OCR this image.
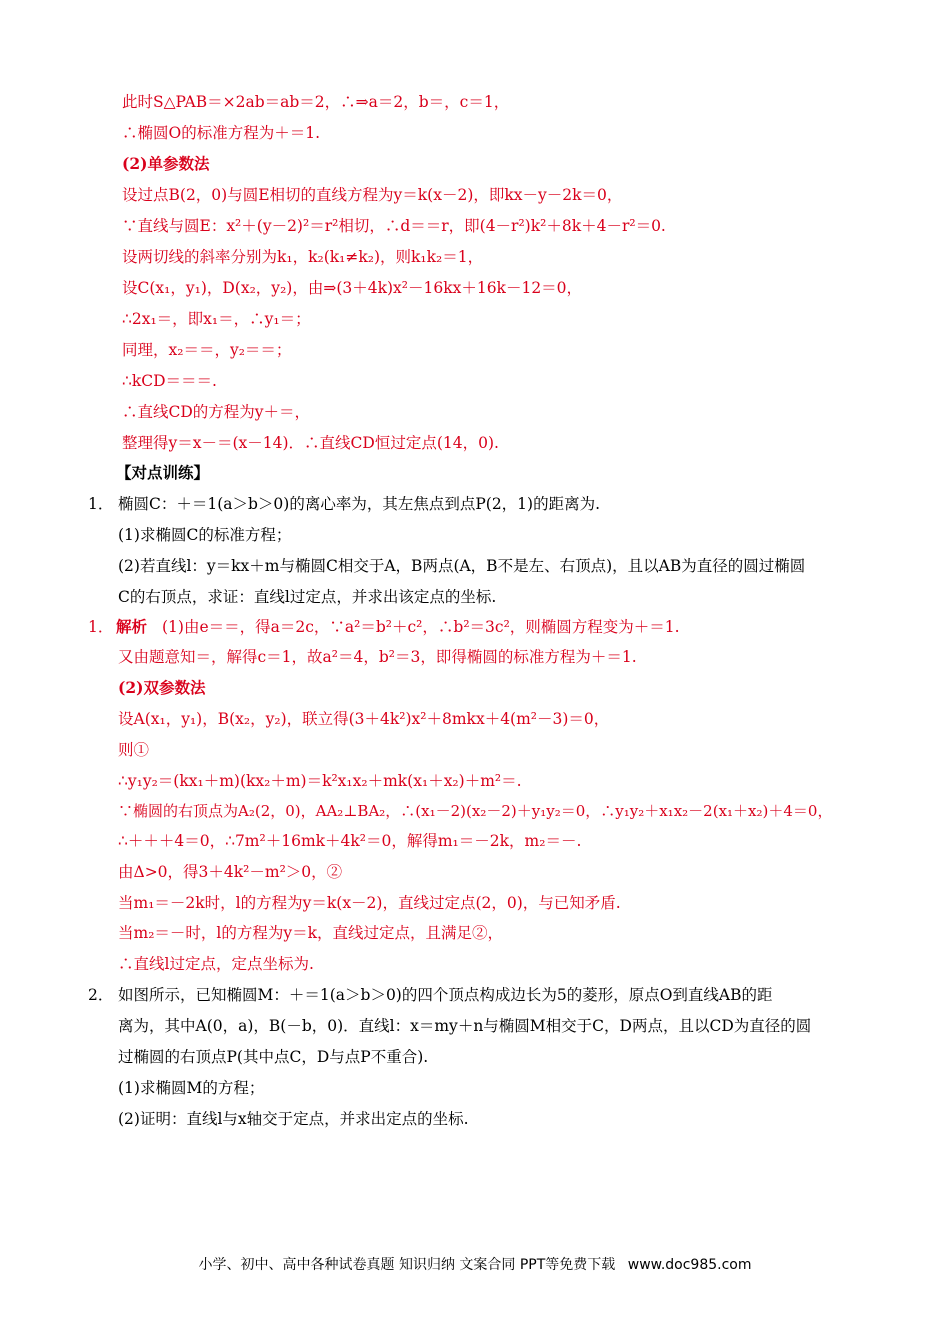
此时S△PAB＝×2ab＝ab＝2，∴⇒a＝2，b＝，c＝1，
∴椭圆O的标准方程为＋＝1.
(2)单参数法
设过点B(2，0)与圆E相切的直线方程为y＝k(x－2)，即kx－y－2k＝0，
∵直线与圆E：x²＋(y－2)²＝r²相切，∴d＝＝r，即(4－r²)k²＋8k＋4－r²＝0.
设两切线的斜率分别为k₁，k₂(k₁≠k₂)，则k₁k₂＝1，
设C(x₁，y₁)，D(x₂，y₂)，由⇒(3＋4k)x²－16kx＋16k－12＝0，
∴2x₁＝，即x₁＝，∴y₁＝；
同理，x₂＝＝，y₂＝＝；
∴kCD＝＝＝.
∴直线CD的方程为y＋＝，
整理得y＝x－＝(x－14)．∴直线CD恒过定点(14，0).
【对点训练】
1． 椭圆C：＋＝1(a＞b＞0)的离心率为，其左焦点到点P(2，1)的距离为.
(1)求椭圆C的标准方程；
(2)若直线l：y＝kx＋m与椭圆C相交于A，B两点(A，B不是左、右顶点)，且以AB为直径的圆过椭圆
C的右顶点，求证：直线l过定点，并求出该定点的坐标.
1． 解析 (1)由e＝＝，得a＝2c，∵a²＝b²＋c²，∴b²＝3c²，则椭圆方程变为＋＝1.
又由题意知＝，解得c＝1，故a²＝4，b²＝3，即得椭圆的标准方程为＋＝1.
(2)双参数法
设A(x₁，y₁)，B(x₂，y₂)，联立得(3＋4k²)x²＋8mkx＋4(m²－3)＝0，
则①
∴y₁y₂＝(kx₁＋m)(kx₂＋m)＝k²x₁x₂＋mk(x₁＋x₂)＋m²＝.
∵椭圆的右顶点为A₂(2，0)，AA₂⊥BA₂，∴(x₁－2)(x₂－2)＋y₁y₂＝0，∴y₁y₂＋x₁x₂－2(x₁＋x₂)＋4＝0，
∴＋＋＋4＝0，∴7m²＋16mk＋4k²＝0，解得m₁＝－2k，m₂＝－.
由Δ>0，得3＋4k²－m²＞0，②
当m₁＝－2k时，l的方程为y＝k(x－2)，直线过定点(2，0)，与已知矛盾.
当m₂＝－时，l的方程为y＝k，直线过定点，且满足②，
∴直线l过定点，定点坐标为.
2． 如图所示，已知椭圆M：＋＝1(a＞b＞0)的四个顶点构成边长为5的菱形，原点O到直线AB的距
离为，其中A(0，a)，B(－b，0)．直线l：x＝my＋n与椭圆M相交于C，D两点，且以CD为直径的圆
过椭圆的右顶点P(其中点C，D与点P不重合).
(1)求椭圆M的方程；
(2)证明：直线l与x轴交于定点，并求出定点的坐标.
小学、初中、高中各种试卷真题 知识归纳 文案合同 PPT等免费下载 www.doc985.com
